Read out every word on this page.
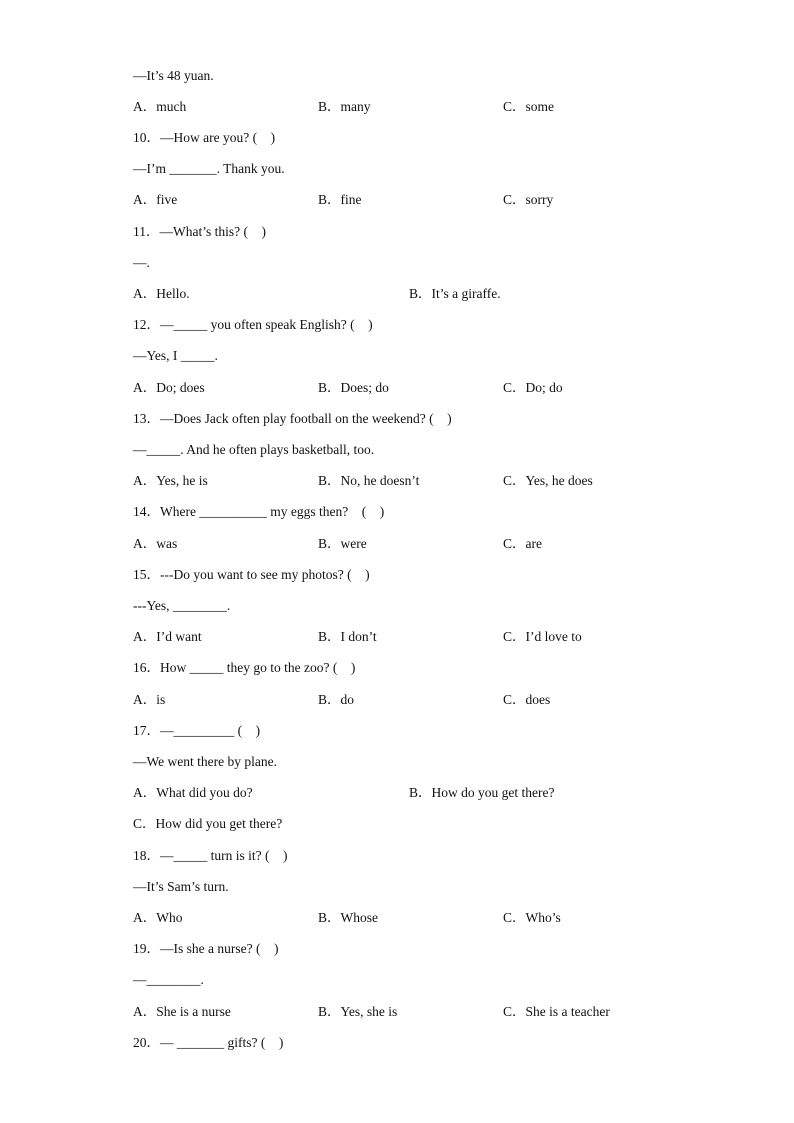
—It’s 48 yuan.
A．much	B．many	C．some
10．—How are you? (　)
—I’m _______. Thank you.
A．five	B．fine	C．sorry
11．—What’s this? (　)
—.
A．Hello.	B．It’s a giraffe.
12．—_____ you often speak English? (　)
—Yes, I _____.
A．Do; does	B．Does; do	C．Do; do
13．—Does Jack often play football on the weekend? (　)
—_____. And he often plays basketball, too.
A．Yes, he is	B．No, he doesn’t	C．Yes, he does
14．Where __________ my eggs then?　(　)
A．was	B．were	C．are
15．---Do you want to see my photos? (　)
---Yes, ________.
A．I’d want	B．I don’t	C．I’d love to
16．How _____ they go to the zoo? (　)
A．is	B．do	C．does
17．—_________ (　)
—We went there by plane.
A．What did you do?	B．How do you get there?
C．How did you get there?
18．—_____ turn is it? (　)
—It’s Sam’s turn.
A．Who	B．Whose	C．Who’s
19．—Is she a nurse? (　)
—________.
A．She is a nurse	B．Yes, she is	C．She is a teacher
20．— _______ gifts? (　)
